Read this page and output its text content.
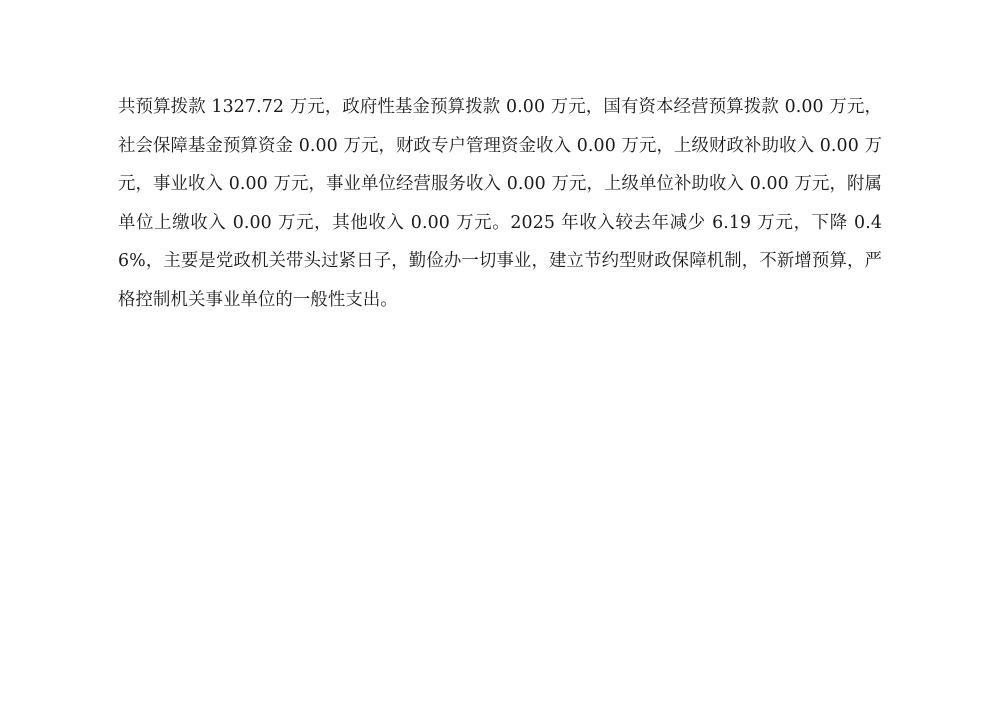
共预算拨款 1327.72 万元，政府性基金预算拨款 0.00 万元，国有资本经营预算拨款 0.00 万元，社会保障基金预算资金 0.00 万元，财政专户管理资金收入 0.00 万元，上级财政补助收入 0.00 万元，事业收入 0.00 万元，事业单位经营服务收入 0.00 万元，上级单位补助收入 0.00 万元，附属单位上缴收入 0.00 万元，其他收入 0.00 万元。2025 年收入较去年减少 6.19 万元，下降 0.46%，主要是党政机关带头过紧日子，勤俭办一切事业，建立节约型财政保障机制，不新增预算，严格控制机关事业单位的一般性支出。
